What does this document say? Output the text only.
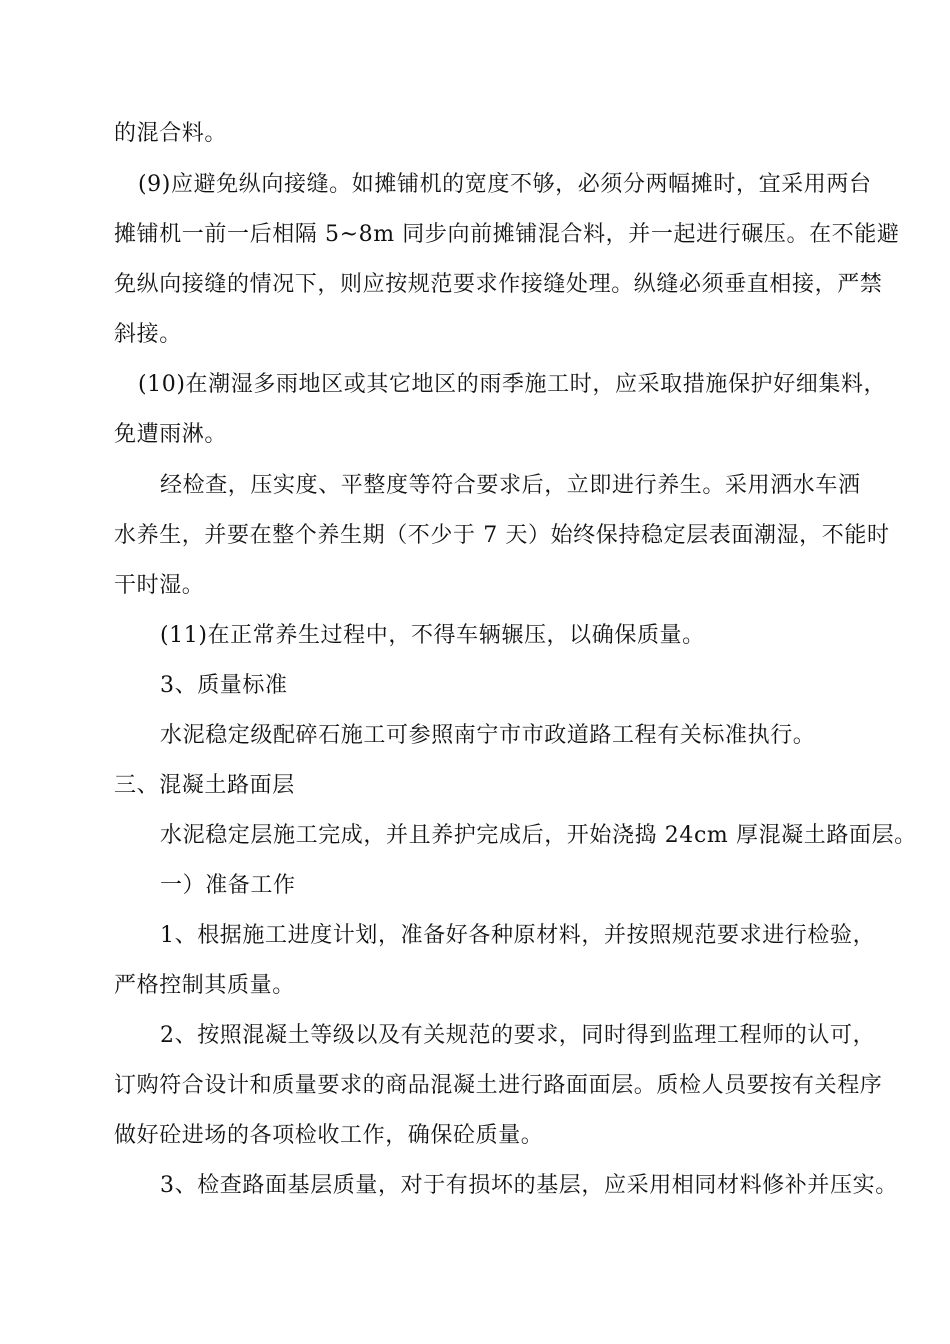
的混合料。
(9)应避免纵向接缝。如摊铺机的宽度不够，必须分两幅摊时，宜采用两台
摊铺机一前一后相隔 5~8m 同步向前摊铺混合料，并一起进行碾压。在不能避
免纵向接缝的情况下，则应按规范要求作接缝处理。纵缝必须垂直相接，严禁
斜接。
(10)在潮湿多雨地区或其它地区的雨季施工时，应采取措施保护好细集料，
免遭雨淋。
经检查，压实度、平整度等符合要求后，立即进行养生。采用洒水车洒
水养生，并要在整个养生期（不少于 7 天）始终保持稳定层表面潮湿，不能时
干时湿。
(11)在正常养生过程中，不得车辆辗压，以确保质量。
3、质量标准
水泥稳定级配碎石施工可参照南宁市市政道路工程有关标准执行。
三、混凝土路面层
水泥稳定层施工完成，并且养护完成后，开始浇捣 24cm 厚混凝土路面层。
一）准备工作
1、根据施工进度计划，准备好各种原材料，并按照规范要求进行检验，
严格控制其质量。
2、按照混凝土等级以及有关规范的要求，同时得到监理工程师的认可，
订购符合设计和质量要求的商品混凝土进行路面面层。质检人员要按有关程序
做好砼进场的各项检收工作，确保砼质量。
3、检查路面基层质量，对于有损坏的基层，应采用相同材料修补并压实。
